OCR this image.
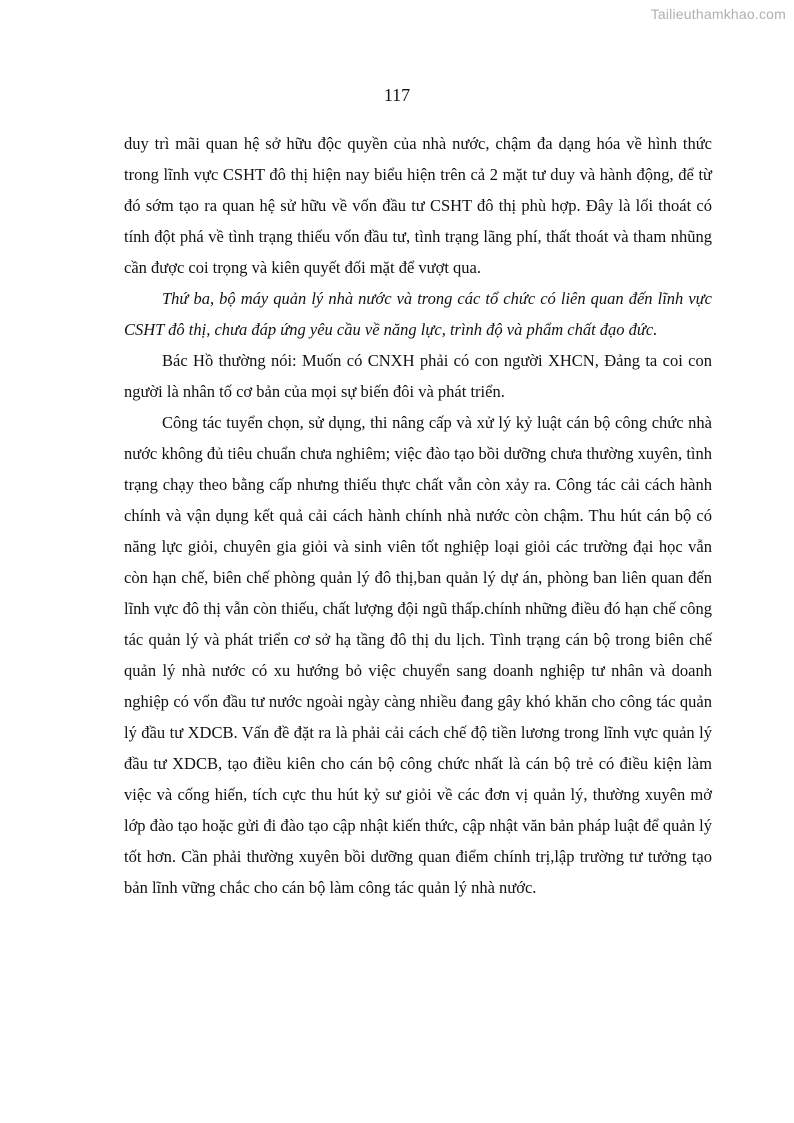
Tailieuthamkhao.com
117

duy trì mãi quan hệ sở hữu độc quyền của nhà nước, chậm đa dạng hóa về hình thức trong lĩnh vực CSHT đô thị hiện nay biểu hiện trên cả 2 mặt tư duy và hành động, để từ đó sớm tạo ra quan hệ sử hữu về vốn đầu tư CSHT đô thị phù hợp. Đây là lối thoát có tính đột phá về tình trạng thiếu vốn đầu tư, tình trạng lãng phí, thất thoát và tham nhũng cần được coi trọng và kiên quyết đối mặt để vượt qua.

Thứ ba, bộ máy quản lý nhà nước và trong các tổ chức có liên quan đến lĩnh vực CSHT đô thị, chưa đáp ứng yêu cầu về năng lực, trình độ và phẩm chất đạo đức.

Bác Hồ thường nói: Muốn có CNXH phải có con người XHCN, Đảng ta coi con người là nhân tố cơ bản của mọi sự biến đôi và phát triển.

Công tác tuyển chọn, sử dụng, thi nâng cấp và xử lý kỷ luật cán bộ công chức nhà nước không đủ tiêu chuẩn chưa nghiêm; việc đào tạo bồi dưỡng chưa thường xuyên, tình trạng chạy theo bằng cấp nhưng thiếu thực chất vẫn còn xảy ra. Công tác cải cách hành chính và vận dụng kết quả cải cách hành chính nhà nước còn chậm. Thu hút cán bộ có năng lực giỏi, chuyên gia giỏi và sinh viên tốt nghiệp loại giỏi các trường đại học vẫn còn hạn chế, biên chế phòng quản lý đô thị,ban quản lý dự án, phòng ban liên quan đến lĩnh vực đô thị vẫn còn thiếu, chất lượng đội ngũ thấp.chính những điều đó hạn chế công tác quản lý và phát triển cơ sở hạ tầng đô thị du lịch. Tình trạng cán bộ trong biên chế quản lý nhà nước có xu hướng bỏ việc chuyển sang doanh nghiệp tư nhân và doanh nghiệp có vốn đầu tư nước ngoài ngày càng nhiều đang gây khó khăn cho công tác quản lý đầu tư XDCB. Vấn đề đặt ra là phải cải cách chế độ tiền lương trong lĩnh vực quản lý đầu tư XDCB, tạo điều kiên cho cán bộ công chức nhất là cán bộ trẻ có điều kiện làm việc và cống hiến, tích cực thu hút kỷ sư giỏi về các đơn vị quản lý, thường xuyên mở lớp đào tạo hoặc gửi đi đào tạo cập nhật kiến thức, cập nhật văn bản pháp luật để quản lý tốt hơn. Cần phải thường xuyên bồi dưỡng quan điểm chính trị,lập trường tư tưởng tạo bản lĩnh vững chắc cho cán bộ làm công tác quản lý nhà nước.
